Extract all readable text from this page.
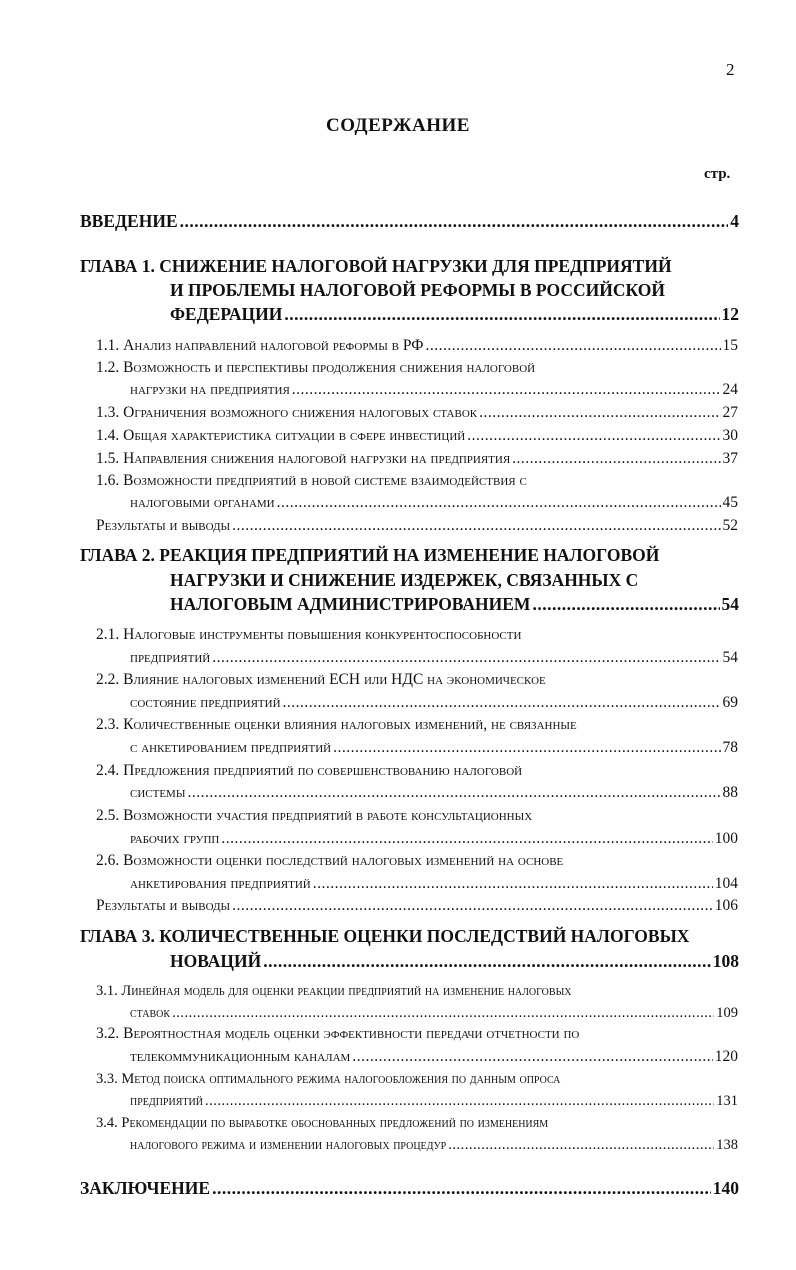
2
СОДЕРЖАНИЕ
стр.
ВВЕДЕНИЕ .....	4
ГЛАВА 1. СНИЖЕНИЕ НАЛОГОВОЙ НАГРУЗКИ ДЛЯ ПРЕДПРИЯТИЙ
И ПРОБЛЕМЫ НАЛОГОВОЙ РЕФОРМЫ В РОССИЙСКОЙ
ФЕДЕРАЦИИ .....	12
1.1. Анализ направлений налоговой реформы в РФ .....	15
1.2. Возможность и перспективы продолжения снижения налоговой
нагрузки на предприятия .....	24
1.3. Ограничения возможного снижения налоговых ставок .....	27
1.4. Общая характеристика ситуации в сфере инвестиций .....	30
1.5. Направления снижения налоговой нагрузки на предприятия .....	37
1.6. Возможности предприятий в новой системе взаимодействия с
налоговыми органами .....	45
Результаты и выводы .....	52
ГЛАВА 2. РЕАКЦИЯ ПРЕДПРИЯТИЙ НА ИЗМЕНЕНИЕ НАЛОГОВОЙ
НАГРУЗКИ И СНИЖЕНИЕ ИЗДЕРЖЕК, СВЯЗАННЫХ С
НАЛОГОВЫМ АДМИНИСТРИРОВАНИЕМ .....	54
2.1. Налоговые инструменты повышения конкурентоспособности
предприятий .....	54
2.2. Влияние налоговых изменений ЕСН или НДС на экономическое
состояние предприятий .....	69
2.3. Количественные оценки влияния налоговых изменений, не связанные
с анкетированием предприятий .....	78
2.4. Предложения предприятий по совершенствованию налоговой
системы .....	88
2.5. Возможности участия предприятий в работе консультационных
рабочих групп .....	100
2.6. Возможности оценки последствий налоговых изменений на основе
анкетирования предприятий .....	104
Результаты и выводы .....	106
ГЛАВА 3. КОЛИЧЕСТВЕННЫЕ ОЦЕНКИ ПОСЛЕДСТВИЙ НАЛОГОВЫХ
НОВАЦИЙ .....	108
3.1. Линейная модель для оценки реакции предприятий на изменение налоговых
ставок .....	109
3.2. Вероятностная модель оценки эффективности передачи отчетности по
телекоммуникационным каналам .....	120
3.3. Метод поиска оптимального режима налогообложения по данным опроса
предприятий .....	131
3.4. Рекомендации по выработке обоснованных предложений по изменениям
налогового режима и изменении налоговых процедур .....	138
ЗАКЛЮЧЕНИЕ .....	140
